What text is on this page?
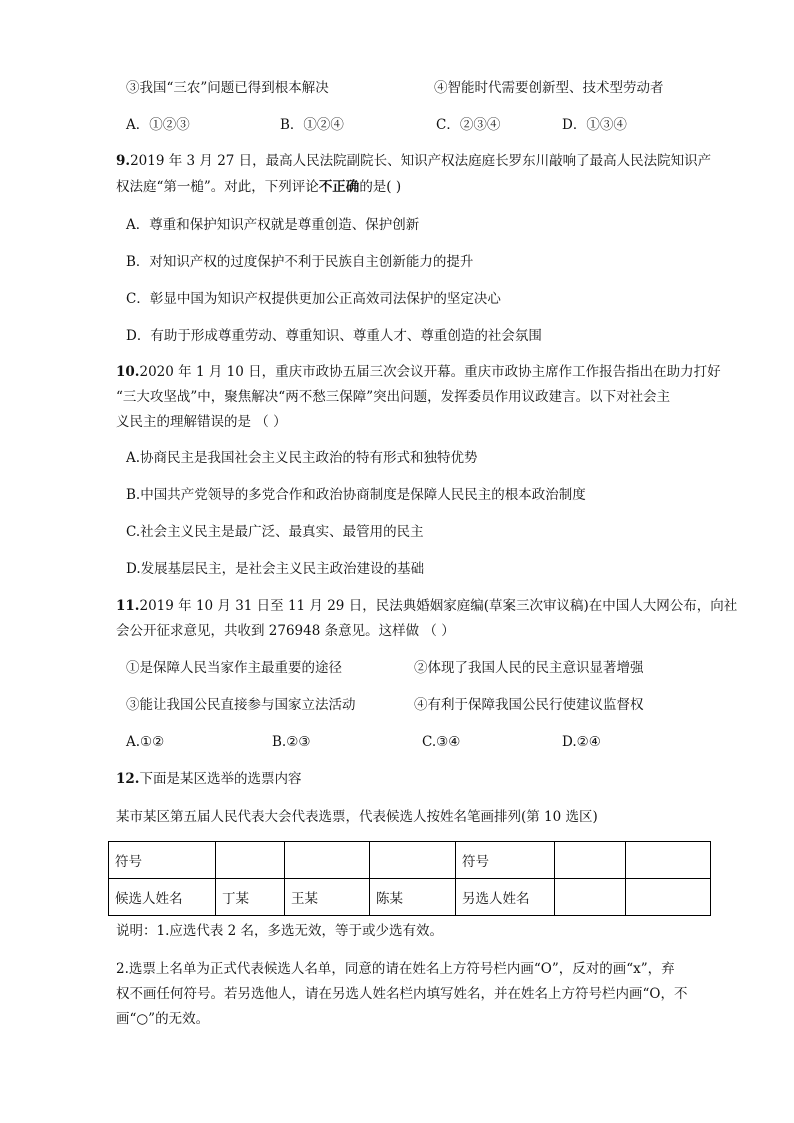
③我国“三农”问题已得到根本解决	④智能时代需要创新型、技术型劳动者
A．①②③	B．①②④	C．②③④	D．①③④
9.2019 年 3 月 27 日，最高人民法院副院长、知识产权法庭庭长罗东川敲响了最高人民法院知识产
权法庭“第一槌”。对此，下列评论不正确的是( )
A．尊重和保护知识产权就是尊重创造、保护创新
B．对知识产权的过度保护不利于民族自主创新能力的提升
C．彰显中国为知识产权提供更加公正高效司法保护的坚定决心
D．有助于形成尊重劳动、尊重知识、尊重人才、尊重创造的社会氛围
10.2020 年 1 月 10 日，重庆市政协五届三次会议开幕。重庆市政协主席作工作报告指出在助力打好
“三大攻坚战”中，聚焦解决“两不愁三保障”突出问题，发挥委员作用议政建言。以下对社会主
义民主的理解错误的是 （ ）
A.协商民主是我国社会主义民主政治的特有形式和独特优势
B.中国共产党领导的多党合作和政治协商制度是保障人民民主的根本政治制度
C.社会主义民主是最广泛、最真实、最管用的民主
D.发展基层民主，是社会主义民主政治建设的基础
11.2019 年 10 月 31 日至 11 月 29 日，民法典婚姻家庭编(草案三次审议稿)在中国人大网公布，向社
会公开征求意见，共收到 276948 条意见。这样做 （ ）
①是保障人民当家作主最重要的途径	②体现了我国人民的民主意识显著增强
③能让我国公民直接参与国家立法活动	④有利于保障我国公民行使建议监督权
A.①②	B.②③	C.③④	D.②④
12.下面是某区选举的选票内容
某市某区第五届人民代表大会代表选票，代表候选人按姓名笔画排列(第 10 选区)
符号				符号		
候选人姓名	丁某	王某	陈某	另选人姓名		
说明：1.应选代表 2 名，多选无效，等于或少选有效。
2.选票上名单为正式代表候选人名单，同意的请在姓名上方符号栏内画“O”，反对的画“x”，弃
权不画任何符号。若另选他人，请在另选人姓名栏内填写姓名，并在姓名上方符号栏内画“O，不
画“○”的无效。
